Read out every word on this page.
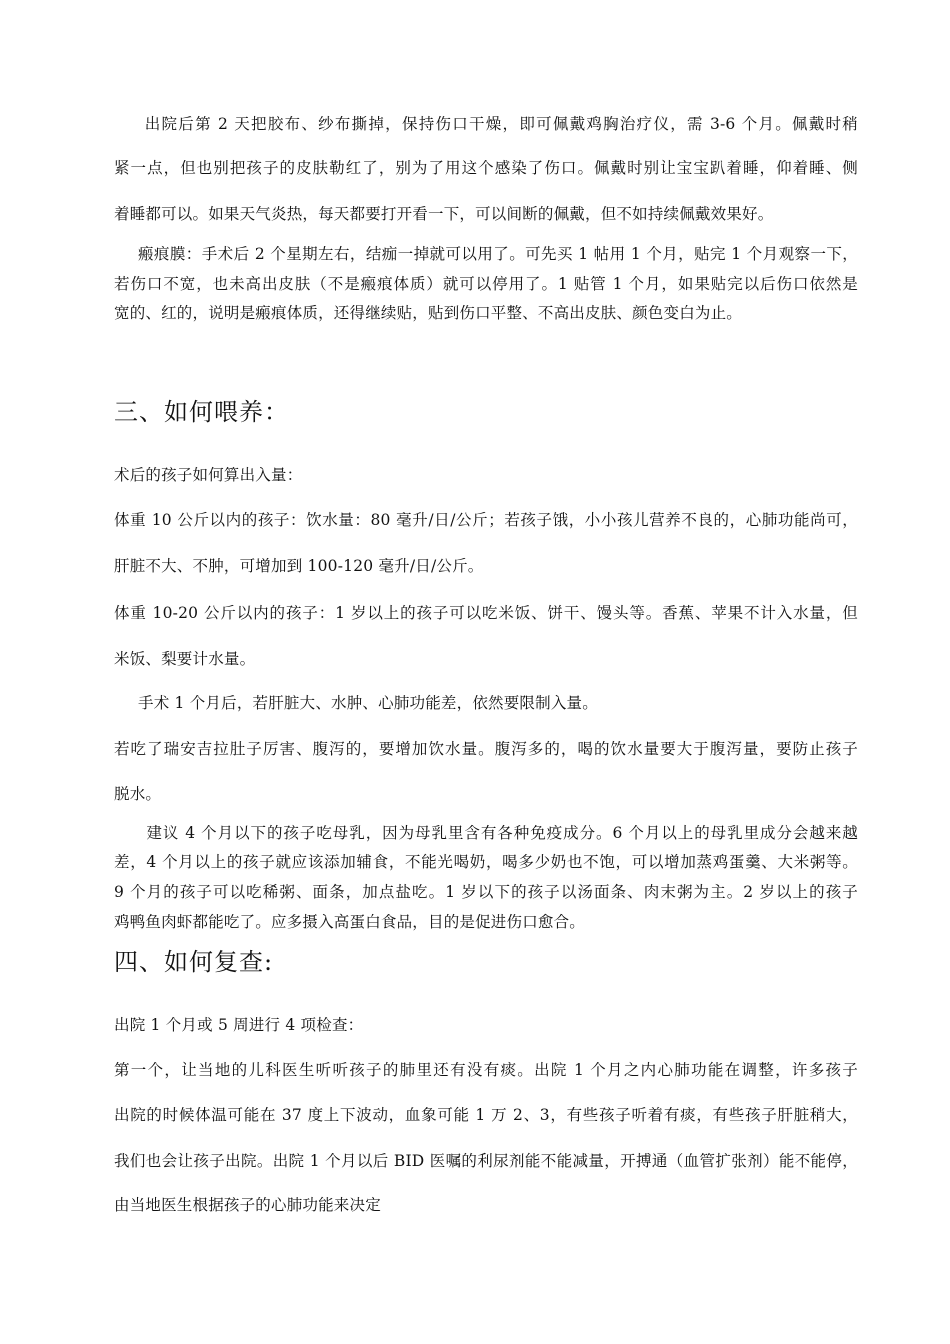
　出院后第 2 天把胶布、纱布撕掉，保持伤口干燥，即可佩戴鸡胸治疗仪，需 3-6 个月。佩戴时稍
紧一点，但也别把孩子的皮肤勒红了，别为了用这个感染了伤口。佩戴时别让宝宝趴着睡，仰着睡、侧
着睡都可以。如果天气炎热，每天都要打开看一下，可以间断的佩戴，但不如持续佩戴效果好。
瘢痕膜：手术后 2 个星期左右，结痂一掉就可以用了。可先买 1 帖用 1 个月，贴完 1 个月观察一下，
若伤口不宽，也未高出皮肤（不是瘢痕体质）就可以停用了。1 贴管 1 个月，如果贴完以后伤口依然是
宽的、红的，说明是瘢痕体质，还得继续贴，贴到伤口平整、不高出皮肤、颜色变白为止。
三、如何喂养：
术后的孩子如何算出入量：
体重 10 公斤以内的孩子：饮水量：80 毫升/日/公斤；若孩子饿，小小孩儿营养不良的，心肺功能尚可，
肝脏不大、不肿，可增加到 100-120 毫升/日/公斤。
体重 10-20 公斤以内的孩子：1 岁以上的孩子可以吃米饭、饼干、馒头等。香蕉、苹果不计入水量，但
米饭、梨要计水量。
手术 1 个月后，若肝脏大、水肿、心肺功能差，依然要限制入量。
若吃了瑞安吉拉肚子厉害、腹泻的，要增加饮水量。腹泻多的，喝的饮水量要大于腹泻量，要防止孩子
脱水。
　建议 4 个月以下的孩子吃母乳，因为母乳里含有各种免疫成分。6 个月以上的母乳里成分会越来越
差，4 个月以上的孩子就应该添加辅食，不能光喝奶，喝多少奶也不饱，可以增加蒸鸡蛋羹、大米粥等。
9 个月的孩子可以吃稀粥、面条，加点盐吃。1 岁以下的孩子以汤面条、肉末粥为主。2 岁以上的孩子
鸡鸭鱼肉虾都能吃了。应多摄入高蛋白食品，目的是促进伤口愈合。
四、如何复查:
出院 1 个月或 5 周进行 4 项检查：
第一个，让当地的儿科医生听听孩子的肺里还有没有痰。出院 1 个月之内心肺功能在调整，许多孩子
出院的时候体温可能在 37 度上下波动，血象可能 1 万 2、3，有些孩子听着有痰，有些孩子肝脏稍大，
我们也会让孩子出院。出院 1 个月以后 BID 医嘱的利尿剂能不能减量，开搏通（血管扩张剂）能不能停，
由当地医生根据孩子的心肺功能来决定
